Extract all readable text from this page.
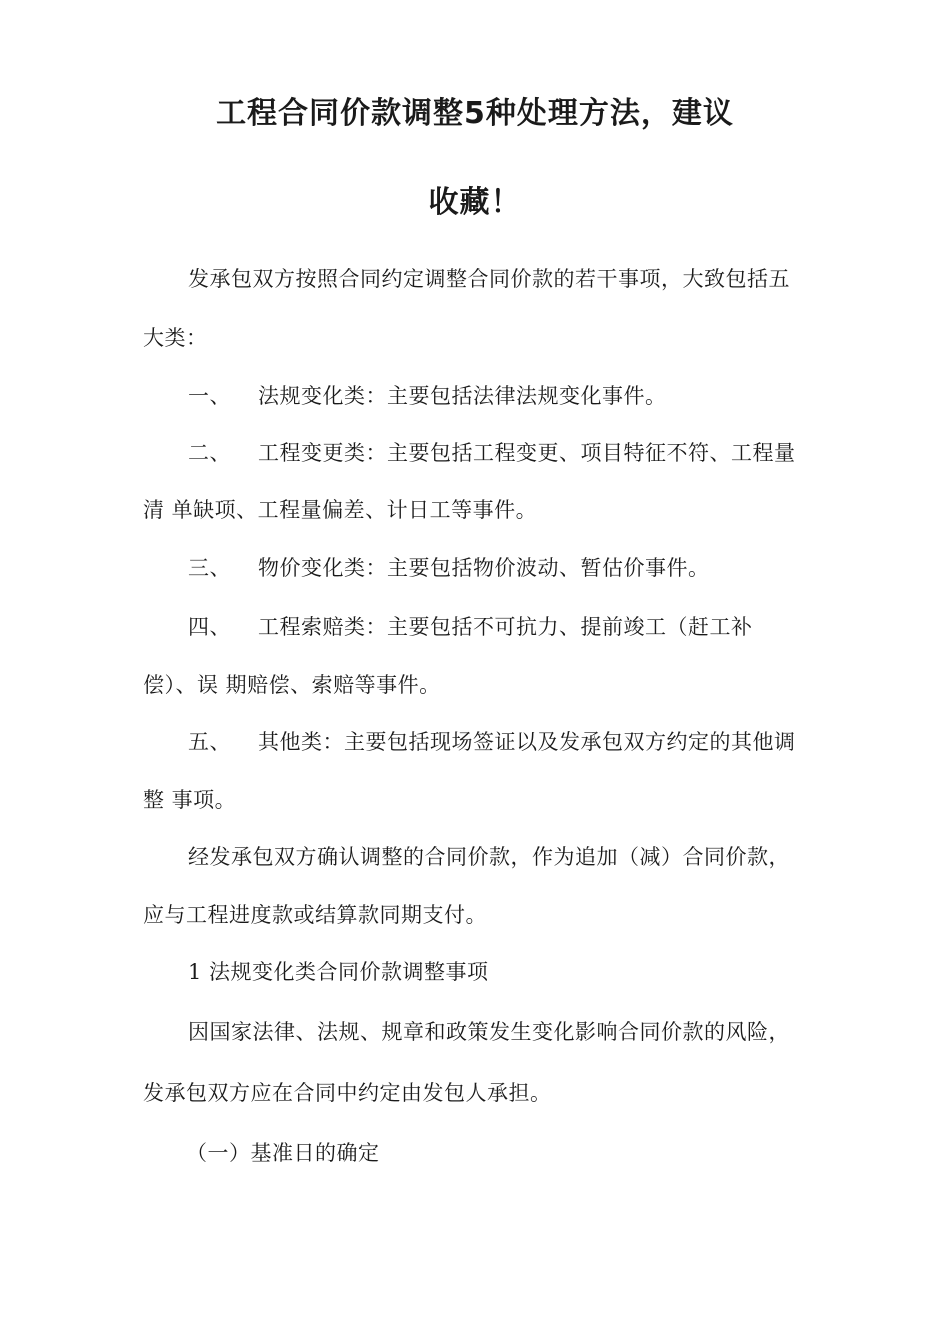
工程合同价款调整5种处理方法，建议
收藏！
发承包双方按照合同约定调整合同价款的若干事项，大致包括五
大类：
一、 法规变化类：主要包括法律法规变化事件。
二、 工程变更类：主要包括工程变更、项目特征不符、工程量
清 单缺项、工程量偏差、计日工等事件。
三、 物价变化类：主要包括物价波动、暂估价事件。
四、 工程索赔类：主要包括不可抗力、提前竣工（赶工补
偿）、误 期赔偿、索赔等事件。
五、 其他类：主要包括现场签证以及发承包双方约定的其他调
整 事项。
经发承包双方确认调整的合同价款，作为追加（减）合同价款，
应与工程进度款或结算款同期支付。
1 法规变化类合同价款调整事项
因国家法律、法规、规章和政策发生变化影响合同价款的风险，
发承包双方应在合同中约定由发包人承担。
（一）基准日的确定
